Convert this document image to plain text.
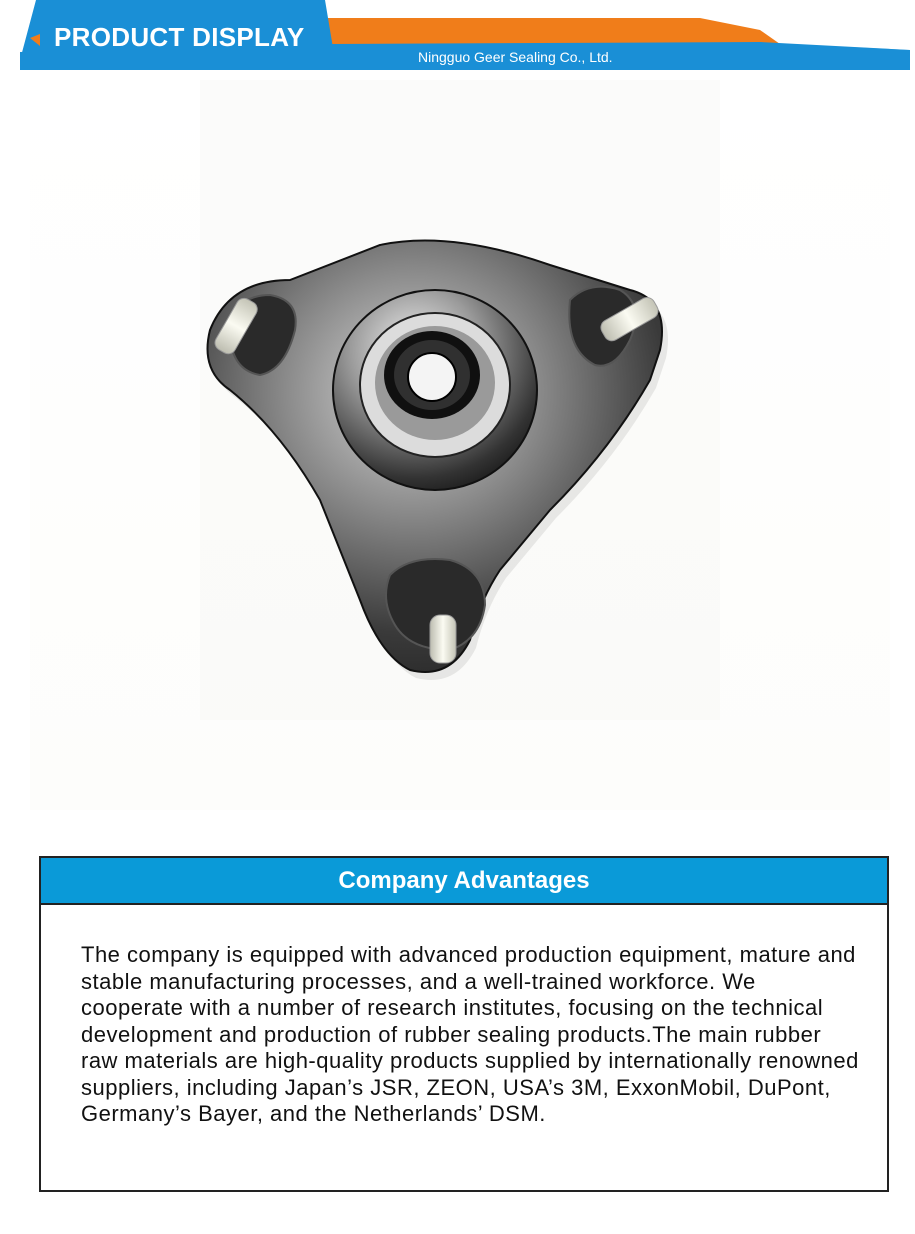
PRODUCT DISPLAY
Ningguo Geer Sealing Co., Ltd.
Company Advantages
The company is equipped with advanced production equipment, mature and stable manufacturing processes, and a well-trained workforce. We cooperate with a number of research institutes, focusing on the technical development and production of rubber sealing products.The main rubber raw materials are high-quality products supplied by internationally renowned suppliers, including Japan’s JSR, ZEON, USA’s 3M, ExxonMobil, DuPont, Germany’s Bayer, and the Netherlands’ DSM.
